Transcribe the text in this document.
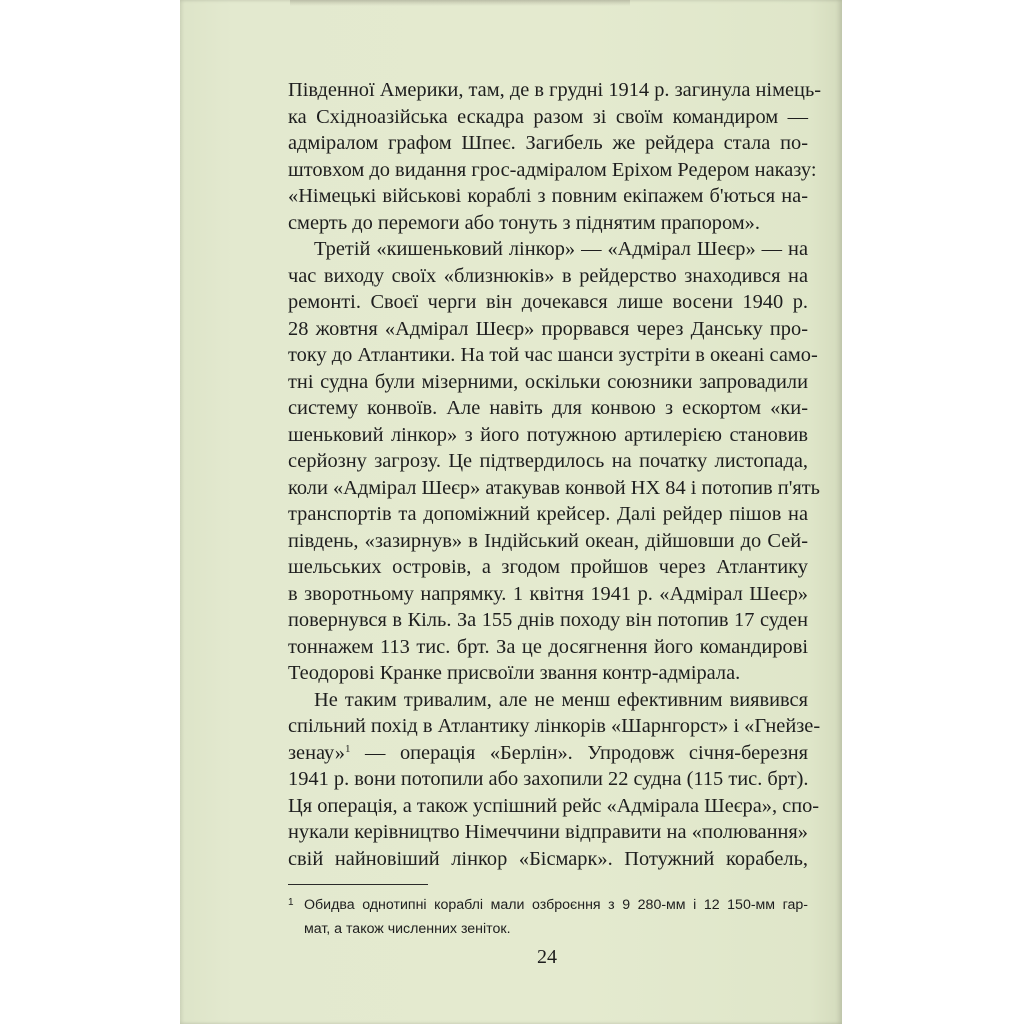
Південної Америки, там, де в грудні 1914 р. загинула німець-
ка Східноазійська ескадра разом зі своїм командиром —
адміралом графом Шпеє. Загибель же рейдера стала по-
штовхом до видання грос-адміралом Еріхом Редером наказу:
«Німецькі військові кораблі з повним екіпажем б'ються на-
смерть до перемоги або тонуть з піднятим прапором».
Третій «кишеньковий лінкор» — «Адмірал Шеєр» — на
час виходу своїх «близнюків» в рейдерство знаходився на
ремонті. Своєї черги він дочекався лише восени 1940 р.
28 жовтня «Адмірал Шеєр» прорвався через Данську про-
току до Атлантики. На той час шанси зустріти в океані само-
тні судна були мізерними, оскільки союзники запровадили
систему конвоїв. Але навіть для конвою з ескортом «ки-
шеньковий лінкор» з його потужною артилерією становив
серйозну загрозу. Це підтвердилось на початку листопада,
коли «Адмірал Шеєр» атакував конвой НХ 84 і потопив п'ять
транспортів та допоміжний крейсер. Далі рейдер пішов на
південь, «зазирнув» в Індійський океан, дійшовши до Сей-
шельських островів, а згодом пройшов через Атлантику
в зворотньому напрямку. 1 квітня 1941 р. «Адмірал Шеєр»
повернувся в Кіль. За 155 днів походу він потопив 17 суден
тоннажем 113 тис. брт. За це досягнення його командирові
Теодорові Кранке присвоїли звання контр-адмірала.
Не таким тривалим, але не менш ефективним виявився
спільний похід в Атлантику лінкорів «Шарнгорст» і «Гнейзе-
зенау»$^1$ — операція «Берлін». Упродовж січня-березня
1941 р. вони потопили або захопили 22 судна (115 тис. брт).
Ця операція, а також успішний рейс «Адмірала Шеєра», спо-
нукали керівництво Німеччини відправити на «полювання»
свій найновіший лінкор «Бісмарк». Потужний корабель,
1 Обидва однотипні кораблі мали озброєння з 9 280-мм і 12 150-мм гар-
мат, а також численних зеніток.
24
